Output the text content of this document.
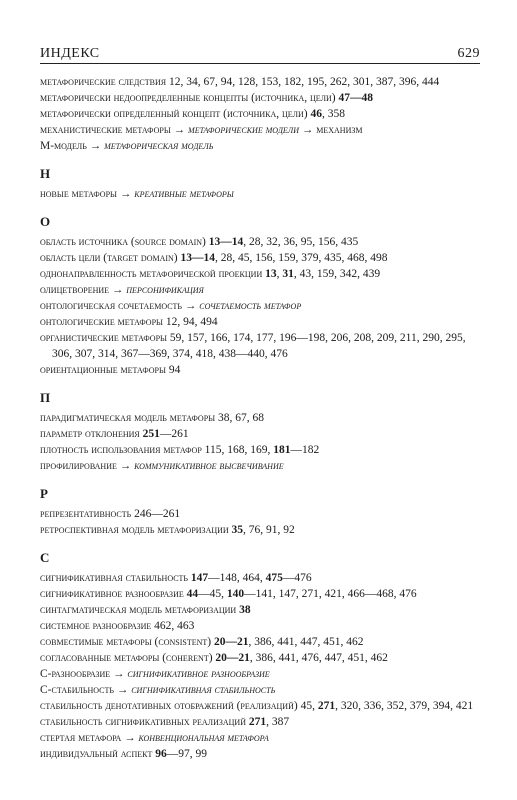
ИНДЕКС	629

метафорические следствия 12, 34, 67, 94, 128, 153, 182, 195, 262, 301, 387, 396, 444

метафорически недоопределенные концепты (источника, цели) 47—48

метафорически определенный концепт (источника, цели) 46, 358

механистические метафоры → метафорические модели → механизм

М-модель → метафорическая модель

Н

новые метафоры → креативные метафоры

О

область источника (source domain) 13—14, 28, 32, 36, 95, 156, 435

область цели (target domain) 13—14, 28, 45, 156, 159, 379, 435, 468, 498

однонаправленность метафорической проекции 13, 31, 43, 159, 342, 439

олицетворение → персонификация

онтологическая сочетаемость → сочетаемость метафор

онтологические метафоры 12, 94, 494

органистические метафоры 59, 157, 166, 174, 177, 196—198, 206, 208, 209, 211, 290, 295, 306, 307, 314, 367—369, 374, 418, 438—440, 476

ориентационные метафоры 94

П

парадигматическая модель метафоры 38, 67, 68

параметр отклонения 251—261

плотность использования метафор 115, 168, 169, 181—182

профилирование → коммуникативное высвечивание

Р

репрезентативность 246—261

ретроспективная модель метафоризации 35, 76, 91, 92

С

сигнификативная стабильность 147—148, 464, 475—476

сигнификативное разнообразие 44—45, 140—141, 147, 271, 421, 466—468, 476

синтагматическая модель метафоризации 38

системное разнообразие 462, 463

совместимые метафоры (consistent) 20—21, 386, 441, 447, 451, 462

согласованные метафоры (coherent) 20—21, 386, 441, 476, 447, 451, 462

С-разнообразие → сигнификативное разнообразие

С-стабильность → сигнификативная стабильность

стабильность денотативных отображений (реализаций) 45, 271, 320, 336, 352, 379, 394, 421

стабильность сигнификативных реализаций 271, 387

стертая метафора → конвенциональная метафора

индивидуальный аспект 96—97, 99
